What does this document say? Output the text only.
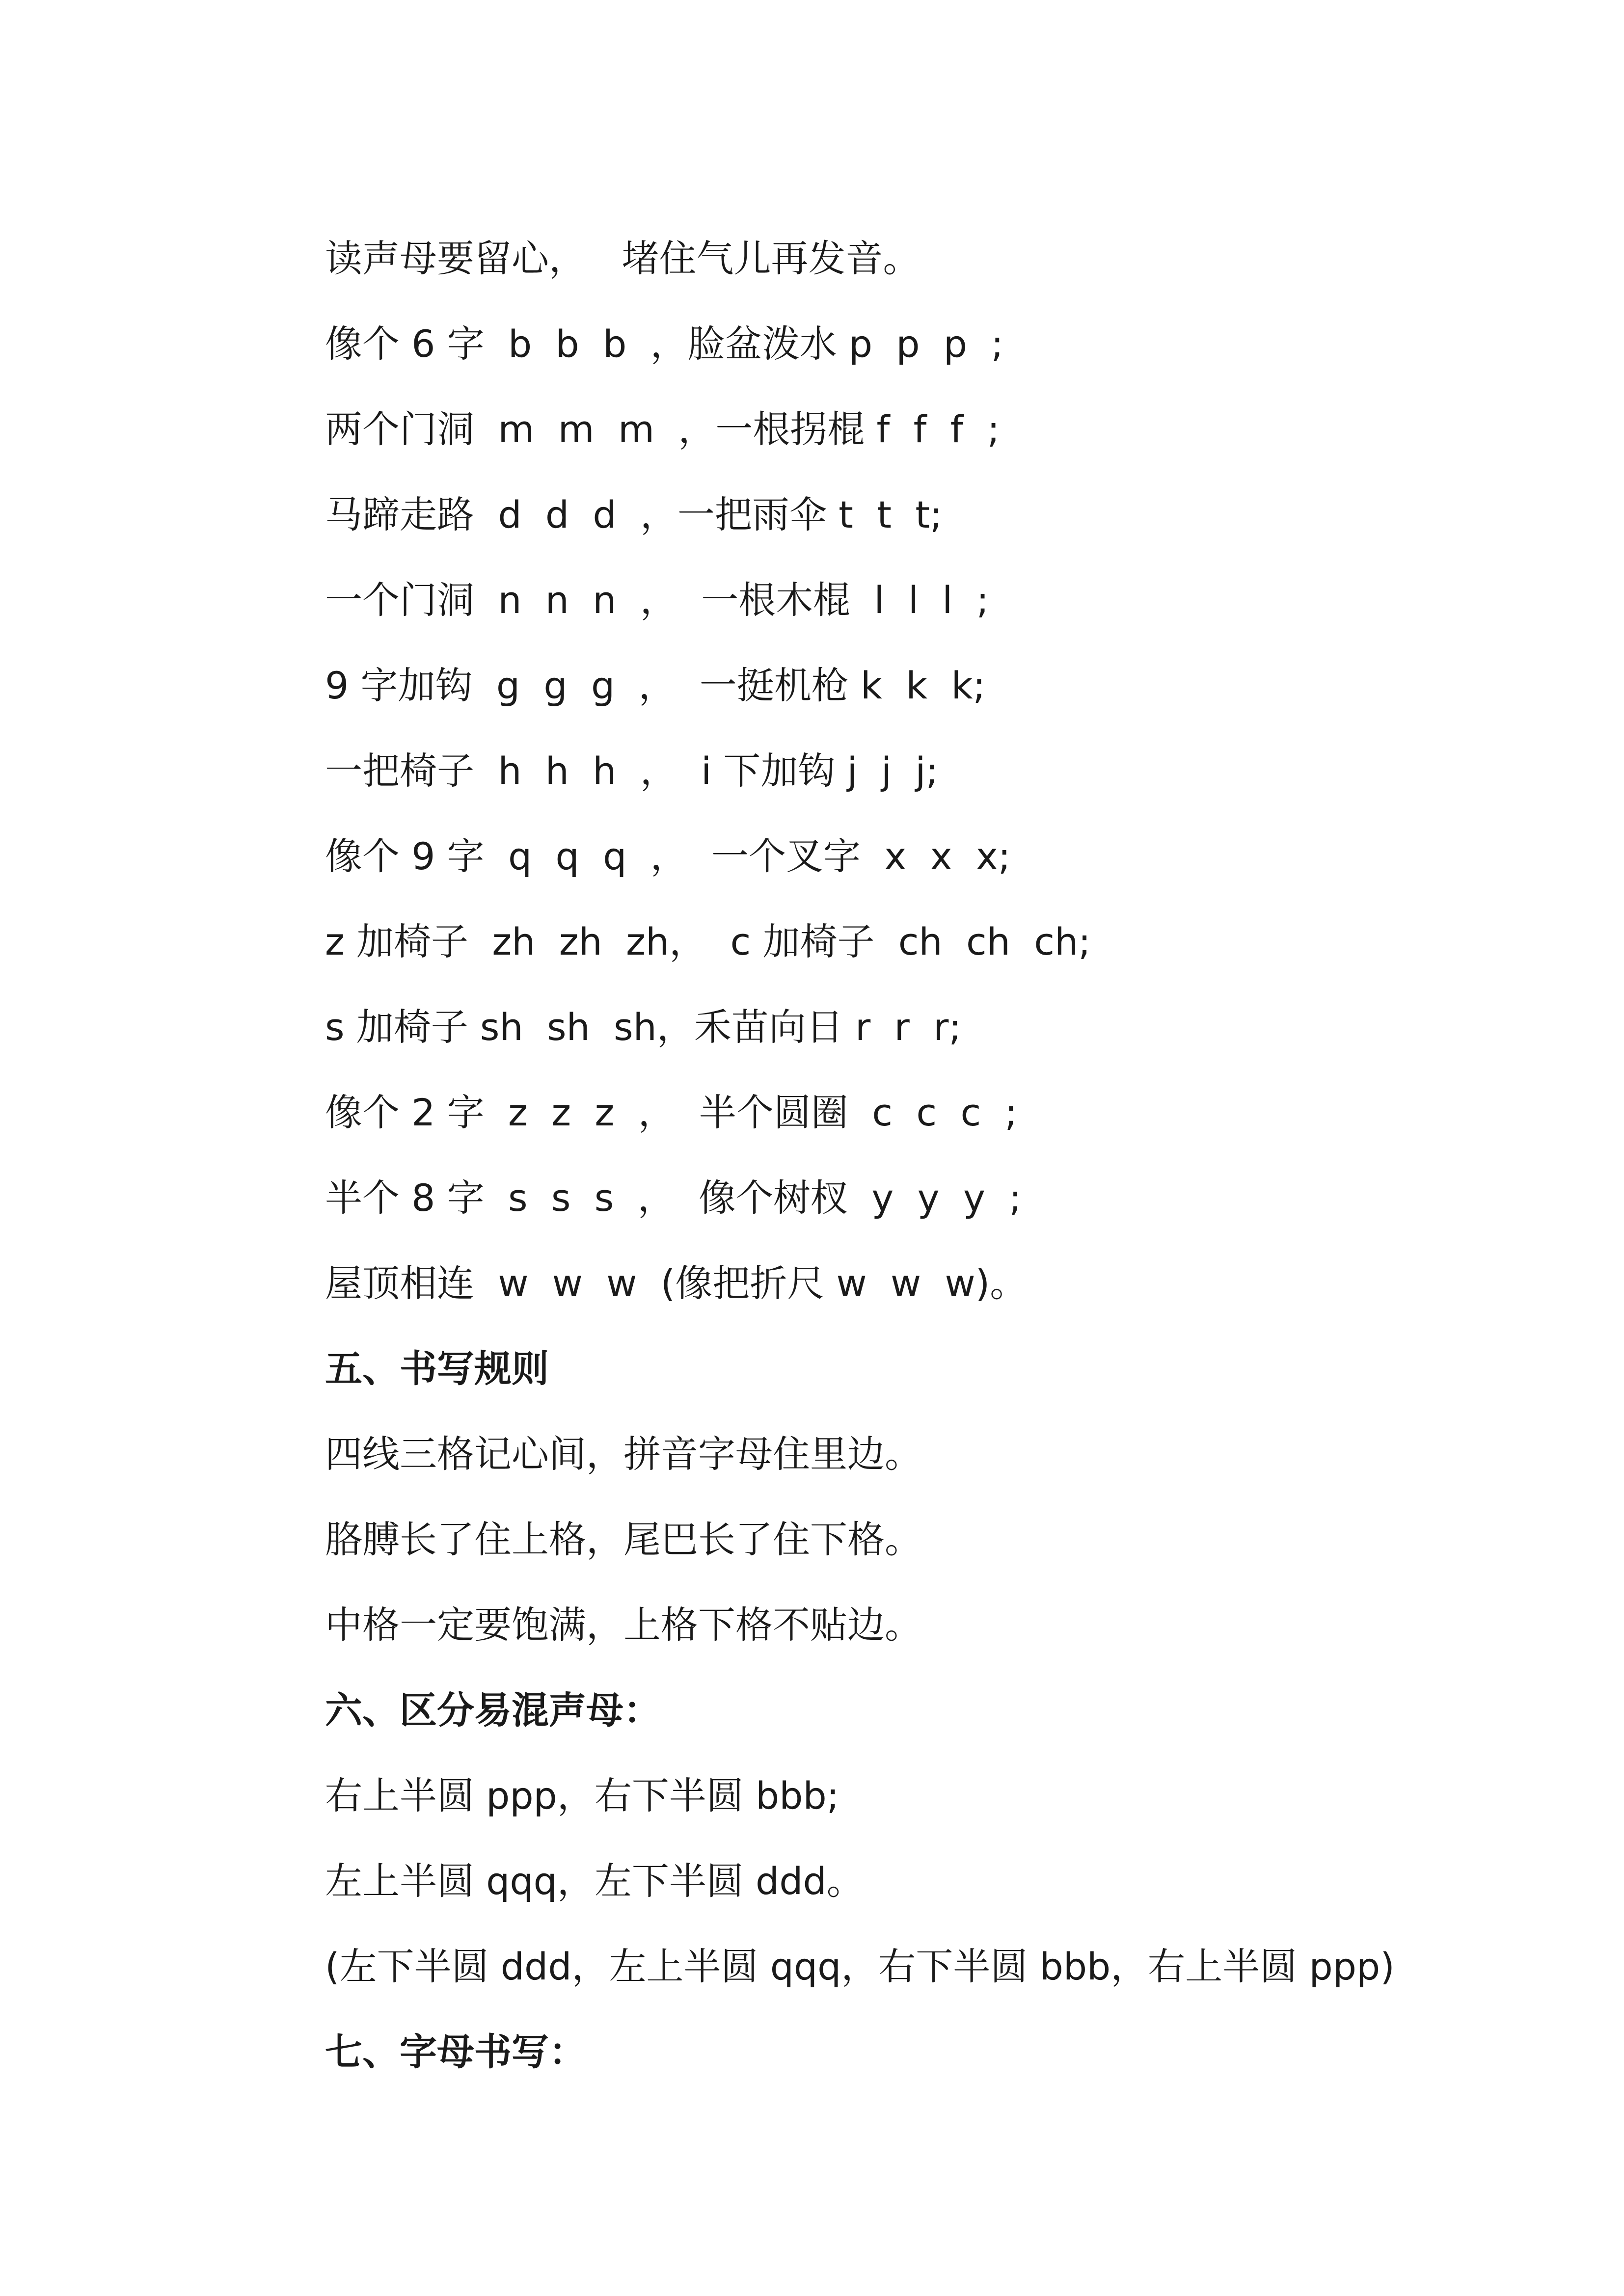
读声母要留心，   堵住气儿再发音。
像个 6 字  b  b  b  ，脸盆泼水 p  p  p  ;
两个门洞  m  m  m  ，一根拐棍 f  f  f  ;
马蹄走路  d  d  d  ，一把雨伞 t  t  t;
一个门洞  n  n  n  ，  一根木棍  l  l  l  ;
9 字加钩  g  g  g  ，  一挺机枪 k  k  k;
一把椅子  h  h  h  ，  i 下加钩 j  j  j;
像个 9 字  q  q  q  ，  一个叉字  x  x  x;
z 加椅子  zh  zh  zh，  c 加椅子  ch  ch  ch;
s 加椅子 sh  sh  sh，禾苗向日 r  r  r;
像个 2 字  z  z  z  ，  半个圆圈  c  c  c  ;
半个 8 字  s  s  s  ，  像个树杈  y  y  y  ;
屋顶相连  w  w  w  (像把折尺 w  w  w)。
五、书写规则
四线三格记心间，拼音字母住里边。
胳膊长了住上格，尾巴长了住下格。
中格一定要饱满，上格下格不贴边。
六、区分易混声母：
右上半圆 ppp，右下半圆 bbb;
左上半圆 qqq，左下半圆 ddd。
(左下半圆 ddd，左上半圆 qqq，右下半圆 bbb，右上半圆 ppp)
七、字母书写：
